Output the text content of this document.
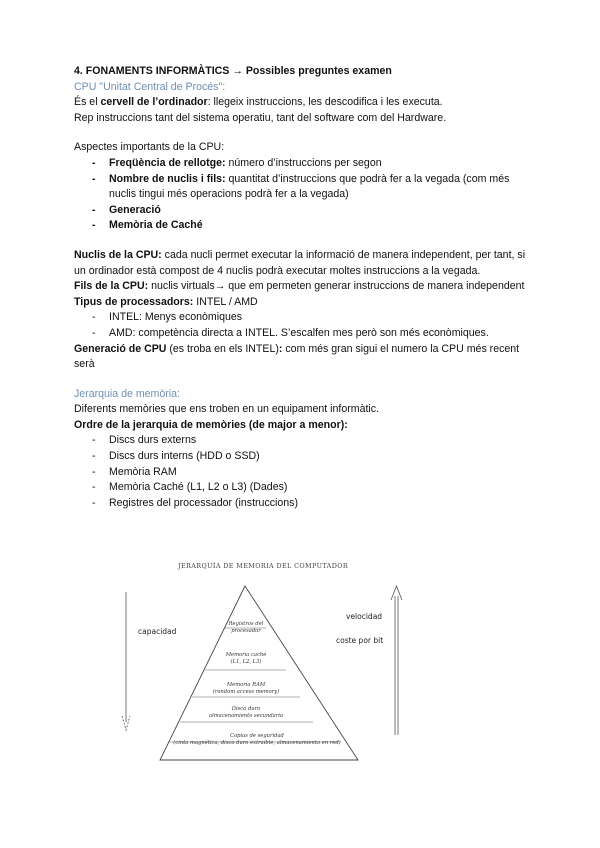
4. FONAMENTS INFORMÀTICS → Possibles preguntes examen

CPU "Unitat Central de Procés":

És el cervell de l’ordinador: llegeix instruccions, les descodifica i les executa.

Rep instruccions tant del sistema operatiu, tant del software com del Hardware.

Aspectes importants de la CPU:

- Freqüència de rellotge: número d’instruccions per segon
- Nombre de nuclis i fils: quantitat d’instruccions que podrà fer a la vegada (com més nuclis tingui més operacions podrà fer a la vegada)
- Generació
- Memòria de Caché

Nuclis de la CPU: cada nucli permet executar la informació de manera independent, per tant, si un ordinador està compost de 4 nuclis podrà executar moltes instruccions a la vegada.

Fils de la CPU: nuclis virtuals→ que em permeten generar instruccions de manera independent

Tipus de processadors: INTEL / AMD

- INTEL: Menys econòmiques
- AMD: competència directa a INTEL. S’escalfen mes però son més econòmiques.

Generació de CPU (es troba en els INTEL): com més gran sigui el numero la CPU més recent serà

Jerarquia de memòria:

Diferents memòries que ens troben en un equipament informàtic.

Ordre de la jerarquia de memòries (de major a menor):

- Discs durs externs
- Discs durs interns (HDD o SSD)
- Memòria RAM
- Memòria Caché (L1, L2 o L3) (Dades)
- Registres del processador (instruccions)
JERARQUÍA DE MEMORIA DEL COMPUTADOR
capacidad
velocidad
coste por bit
Registros del
procesador
Memoria caché
(L1, L2, L3)
Memoria RAM
(random access memory)
Disco duro
almacenamiento secundario
Copias de seguridad
(cinta magnética, disco duro extraíble, almacenamiento en red)
